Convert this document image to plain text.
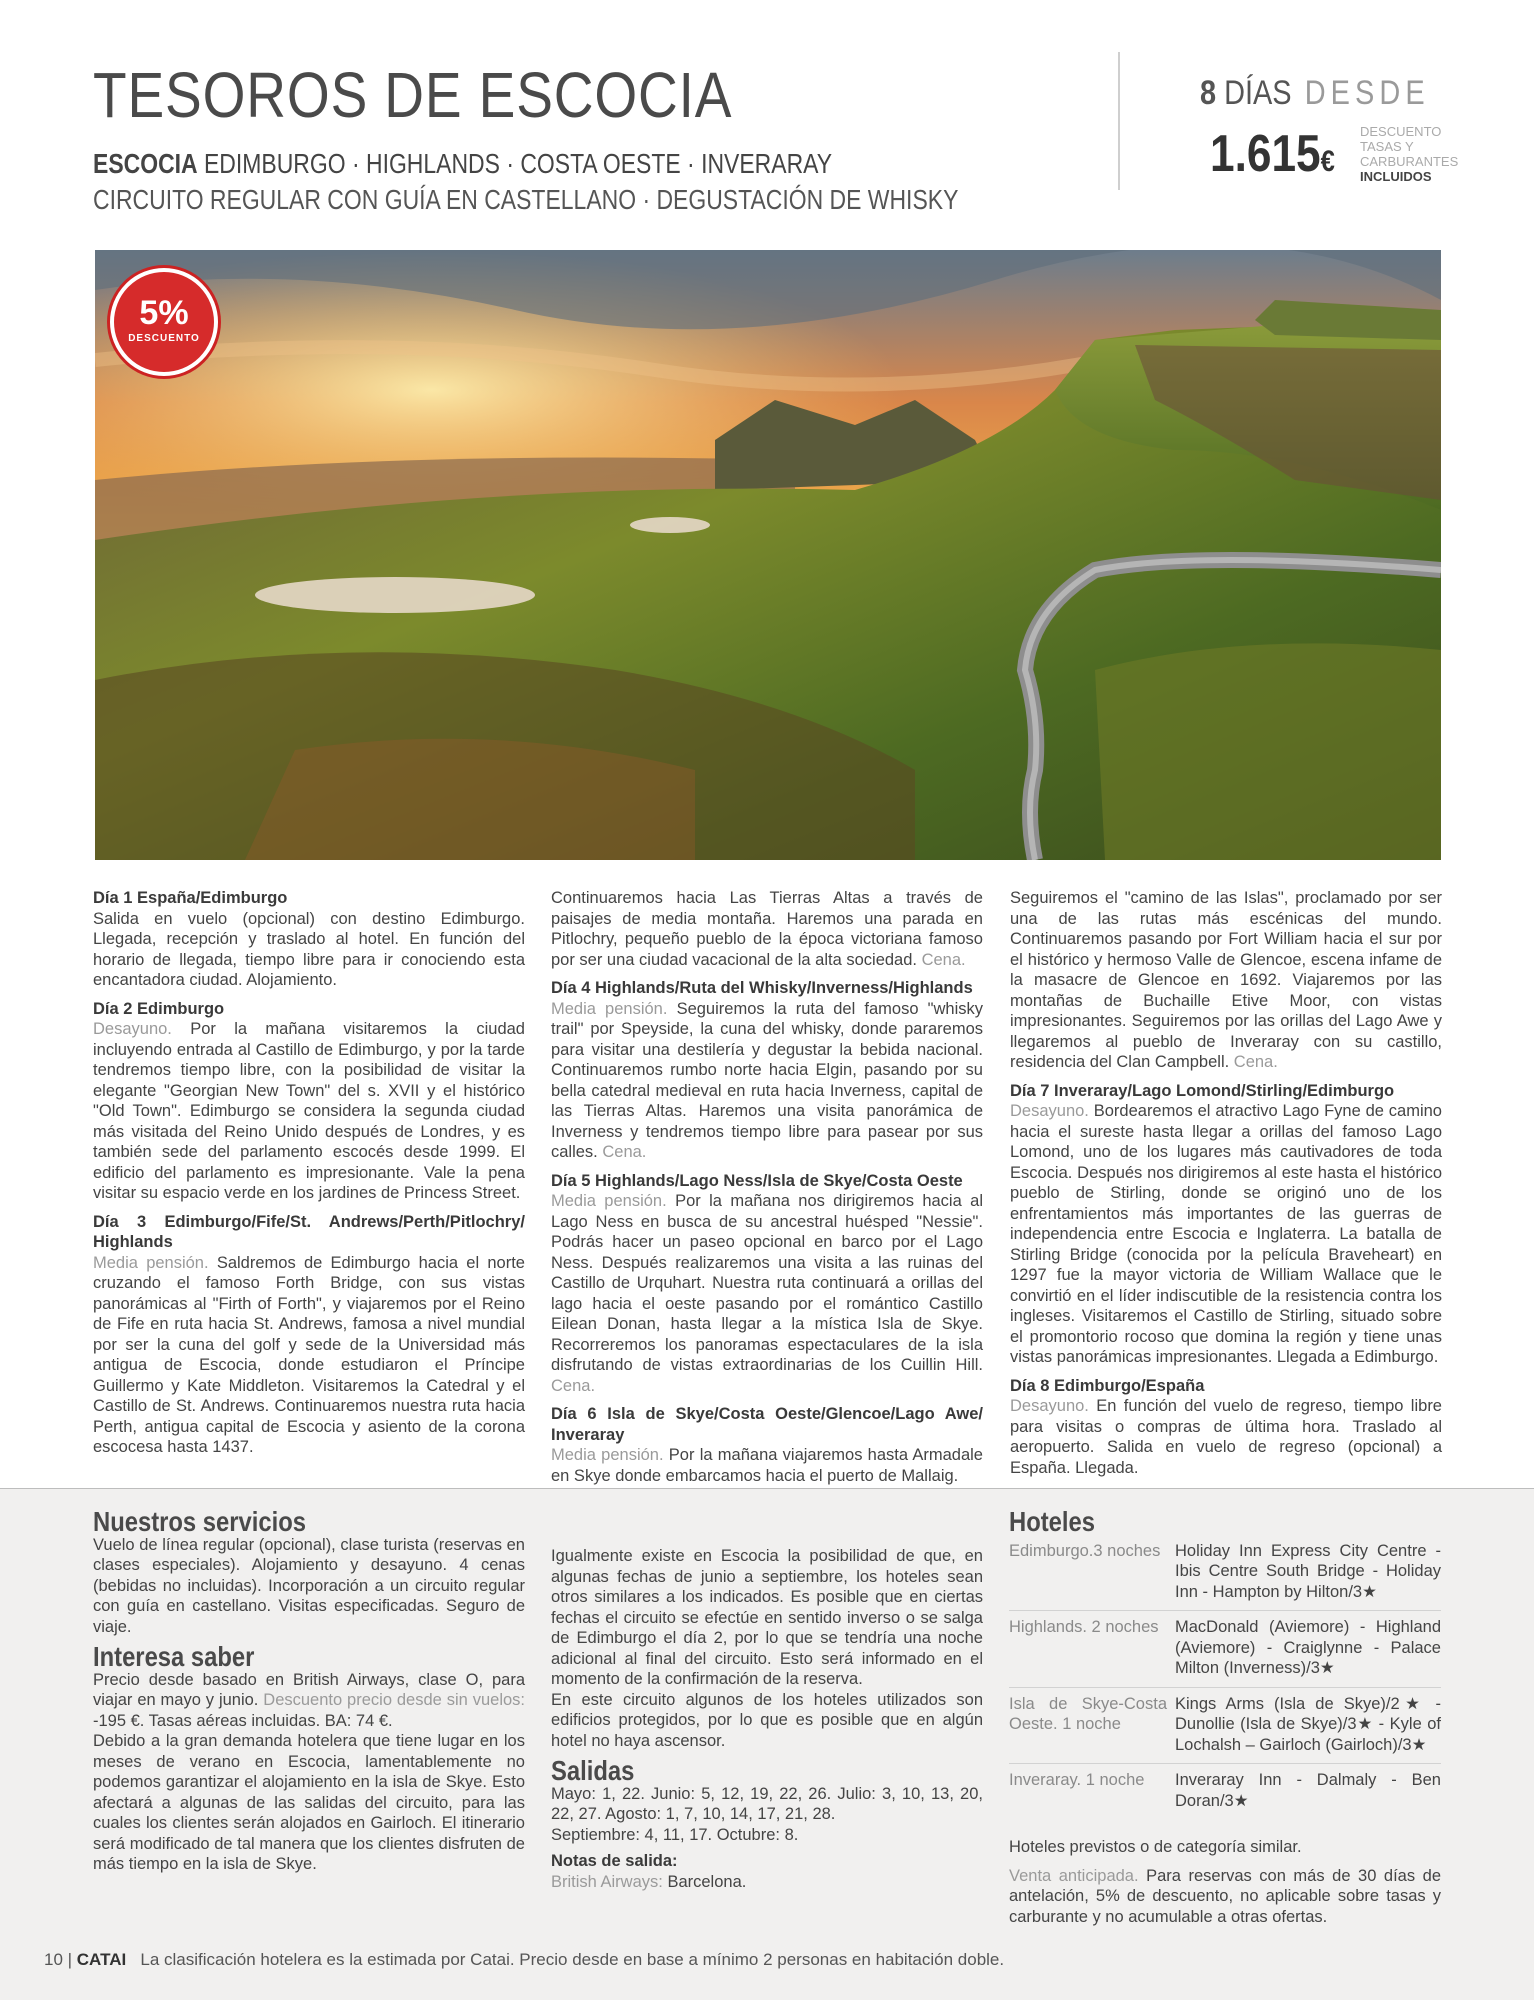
TESOROS DE ESCOCIA
ESCOCIA EDIMBURGO · HIGHLANDS · COSTA OESTE · INVERARAY
CIRCUITO REGULAR CON GUÍA EN CASTELLANO · DEGUSTACIÓN DE WHISKY
8 DÍAS DESDE
1.615€
DESCUENTO
TASAS Y
CARBURANTES
INCLUIDOS
5%
DESCUENTO
Día 1 España/Edimburgo
Salida en vuelo (opcional) con destino Edimburgo. Llegada, recepción y traslado al hotel. En función del horario de llegada, tiempo libre para ir conociendo esta encantadora ciudad. Alojamiento.
Día 2 Edimburgo
Desayuno. Por la mañana visitaremos la ciudad incluyendo entrada al Castillo de Edimburgo, y por la tarde tendremos tiempo libre, con la posibilidad de visitar la elegante "Georgian New Town" del s. XVII y el histórico "Old Town". Edimburgo se considera la segunda ciudad más visitada del Reino Unido después de Londres, y es también sede del parlamento escocés desde 1999. El edificio del parlamento es impresionante. Vale la pena visitar su espacio verde en los jardines de Princess Street.
Día 3 Edimburgo/Fife/St. Andrews/Perth/Pitlochry/ Highlands
Media pensión. Saldremos de Edimburgo hacia el norte cruzando el famoso Forth Bridge, con sus vistas panorámicas al "Firth of Forth", y viajaremos por el Reino de Fife en ruta hacia St. Andrews, famosa a nivel mundial por ser la cuna del golf y sede de la Universidad más antigua de Escocia, donde estudiaron el Príncipe Guillermo y Kate Middleton. Visitaremos la Catedral y el Castillo de St. Andrews. Continuaremos nuestra ruta hacia Perth, antigua capital de Escocia y asiento de la corona escocesa hasta 1437.
Continuaremos hacia Las Tierras Altas a través de paisajes de media montaña. Haremos una parada en Pitlochry, pequeño pueblo de la época victoriana famoso por ser una ciudad vacacional de la alta sociedad. Cena.
Día 4 Highlands/Ruta del Whisky/Inverness/Highlands
Media pensión. Seguiremos la ruta del famoso "whisky trail" por Speyside, la cuna del whisky, donde pararemos para visitar una destilería y degustar la bebida nacional. Continuaremos rumbo norte hacia Elgin, pasando por su bella catedral medieval en ruta hacia Inverness, capital de las Tierras Altas. Haremos una visita panorámica de Inverness y tendremos tiempo libre para pasear por sus calles. Cena.
Día 5 Highlands/Lago Ness/Isla de Skye/Costa Oeste
Media pensión. Por la mañana nos dirigiremos hacia al Lago Ness en busca de su ancestral huésped "Nessie". Podrás hacer un paseo opcional en barco por el Lago Ness. Después realizaremos una visita a las ruinas del Castillo de Urquhart. Nuestra ruta continuará a orillas del lago hacia el oeste pasando por el romántico Castillo Eilean Donan, hasta llegar a la mística Isla de Skye. Recorreremos los panoramas espectaculares de la isla disfrutando de vistas extraordinarias de los Cuillin Hill. Cena.
Día 6 Isla de Skye/Costa Oeste/Glencoe/Lago Awe/ Inveraray
Media pensión. Por la mañana viajaremos hasta Armadale en Skye donde embarcamos hacia el puerto de Mallaig.
Seguiremos el "camino de las Islas", proclamado por ser una de las rutas más escénicas del mundo. Continuaremos pasando por Fort William hacia el sur por el histórico y hermoso Valle de Glencoe, escena infame de la masacre de Glencoe en 1692. Viajaremos por las montañas de Buchaille Etive Moor, con vistas impresionantes. Seguiremos por las orillas del Lago Awe y llegaremos al pueblo de Inveraray con su castillo, residencia del Clan Campbell. Cena.
Día 7 Inveraray/Lago Lomond/Stirling/Edimburgo
Desayuno. Bordearemos el atractivo Lago Fyne de camino hacia el sureste hasta llegar a orillas del famoso Lago Lomond, uno de los lugares más cautivadores de toda Escocia. Después nos dirigiremos al este hasta el histórico pueblo de Stirling, donde se originó uno de los enfrentamientos más importantes de las guerras de independencia entre Escocia e Inglaterra. La batalla de Stirling Bridge (conocida por la película Braveheart) en 1297 fue la mayor victoria de William Wallace que le convirtió en el líder indiscutible de la resistencia contra los ingleses. Visitaremos el Castillo de Stirling, situado sobre el promontorio rocoso que domina la región y tiene unas vistas panorámicas impresionantes. Llegada a Edimburgo.
Día 8 Edimburgo/España
Desayuno. En función del vuelo de regreso, tiempo libre para visitas o compras de última hora. Traslado al aeropuerto. Salida en vuelo de regreso (opcional) a España. Llegada.
Nuestros servicios
Vuelo de línea regular (opcional), clase turista (reservas en clases especiales). Alojamiento y desayuno. 4 cenas (bebidas no incluidas). Incorporación a un circuito regular con guía en castellano. Visitas especificadas. Seguro de viaje.
Interesa saber
Precio desde basado en British Airways, clase O, para viajar en mayo y junio. Descuento precio desde sin vuelos: -195 €. Tasas aéreas incluidas. BA: 74 €.
Debido a la gran demanda hotelera que tiene lugar en los meses de verano en Escocia, lamentablemente no podemos garantizar el alojamiento en la isla de Skye. Esto afectará a algunas de las salidas del circuito, para las cuales los clientes serán alojados en Gairloch. El itinerario será modificado de tal manera que los clientes disfruten de más tiempo en la isla de Skye.
Igualmente existe en Escocia la posibilidad de que, en algunas fechas de junio a septiembre, los hoteles sean otros similares a los indicados. Es posible que en ciertas fechas el circuito se efectúe en sentido inverso o se salga de Edimburgo el día 2, por lo que se tendría una noche adicional al final del circuito. Esto será informado en el momento de la confirmación de la reserva.
En este circuito algunos de los hoteles utilizados son edificios protegidos, por lo que es posible que en algún hotel no haya ascensor.
Salidas
Mayo: 1, 22. Junio: 5, 12, 19, 22, 26. Julio: 3, 10, 13, 20, 22, 27. Agosto: 1, 7, 10, 14, 17, 21, 28.
Septiembre: 4, 11, 17. Octubre: 8.
Notas de salida:
British Airways: Barcelona.
Hoteles
Edimburgo.3 noches Holiday Inn Express City Centre - Ibis Centre South Bridge - Holiday Inn - Hampton by Hilton/3★
Highlands. 2 noches MacDonald (Aviemore) - Highland (Aviemore) - Craiglynne - Palace Milton (Inverness)/3★
Isla de Skye-Costa Oeste. 1 noche
Kings Arms (Isla de Skye)/2★ - Dunollie (Isla de Skye)/3★ - Kyle of Lochalsh – Gairloch (Gairloch)/3★
Inveraray. 1 noche	Inveraray Inn - Dalmaly - Ben Doran/3★
Hoteles previstos o de categoría similar.
Venta anticipada. Para reservas con más de 30 días de antelación, 5% de descuento, no aplicable sobre tasas y carburante y no acumulable a otras ofertas.
10 | CATAI   La clasificación hotelera es la estimada por Catai. Precio desde en base a mínimo 2 personas en habitación doble.
